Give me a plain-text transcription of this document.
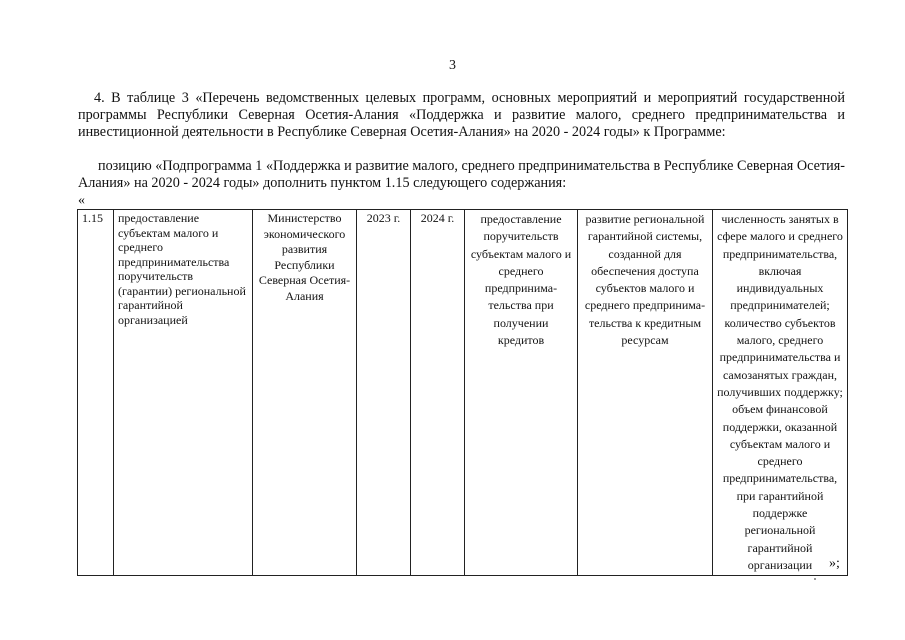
3
4. В таблице 3 «Перечень ведомственных целевых программ, основных мероприятий и мероприятий государственной программы Республики Северная Осетия-Алания «Поддержка и развитие малого, среднего предпринимательства и инвестиционной деятельности в Республике Северная Осетия-Алания» на 2020 - 2024 годы» к Программе:
позицию «Подпрограмма 1 «Поддержка и развитие малого, среднего предпринимательства в Республике Северная Осетия-Алания» на 2020 - 2024 годы» дополнить пунктом 1.15 следующего содержания:
«
1.15	предоставление субъектам малого и среднего предпринимательства поручительств (гарантии) региональной гарантийной организацией	Министерство экономического развития Республики Северная Осетия-Алания	2023 г.	2024 г.	предоставление поручительств субъектам малого и среднего предпринима-тельства при получении кредитов	развитие региональной гарантийной системы, созданной для обеспечения доступа субъектов малого и среднего предпринима-тельства к кредитным ресурсам	численность занятых в сфере малого и среднего предпринимательства, включая индивидуальных предпринимателей; количество субъектов малого, среднего предпринимательства и самозанятых граждан, получивших поддержку; объем финансовой поддержки, оказанной субъектам малого и среднего предпринимательства, при гарантийной поддержке региональной гарантийной организации »;
